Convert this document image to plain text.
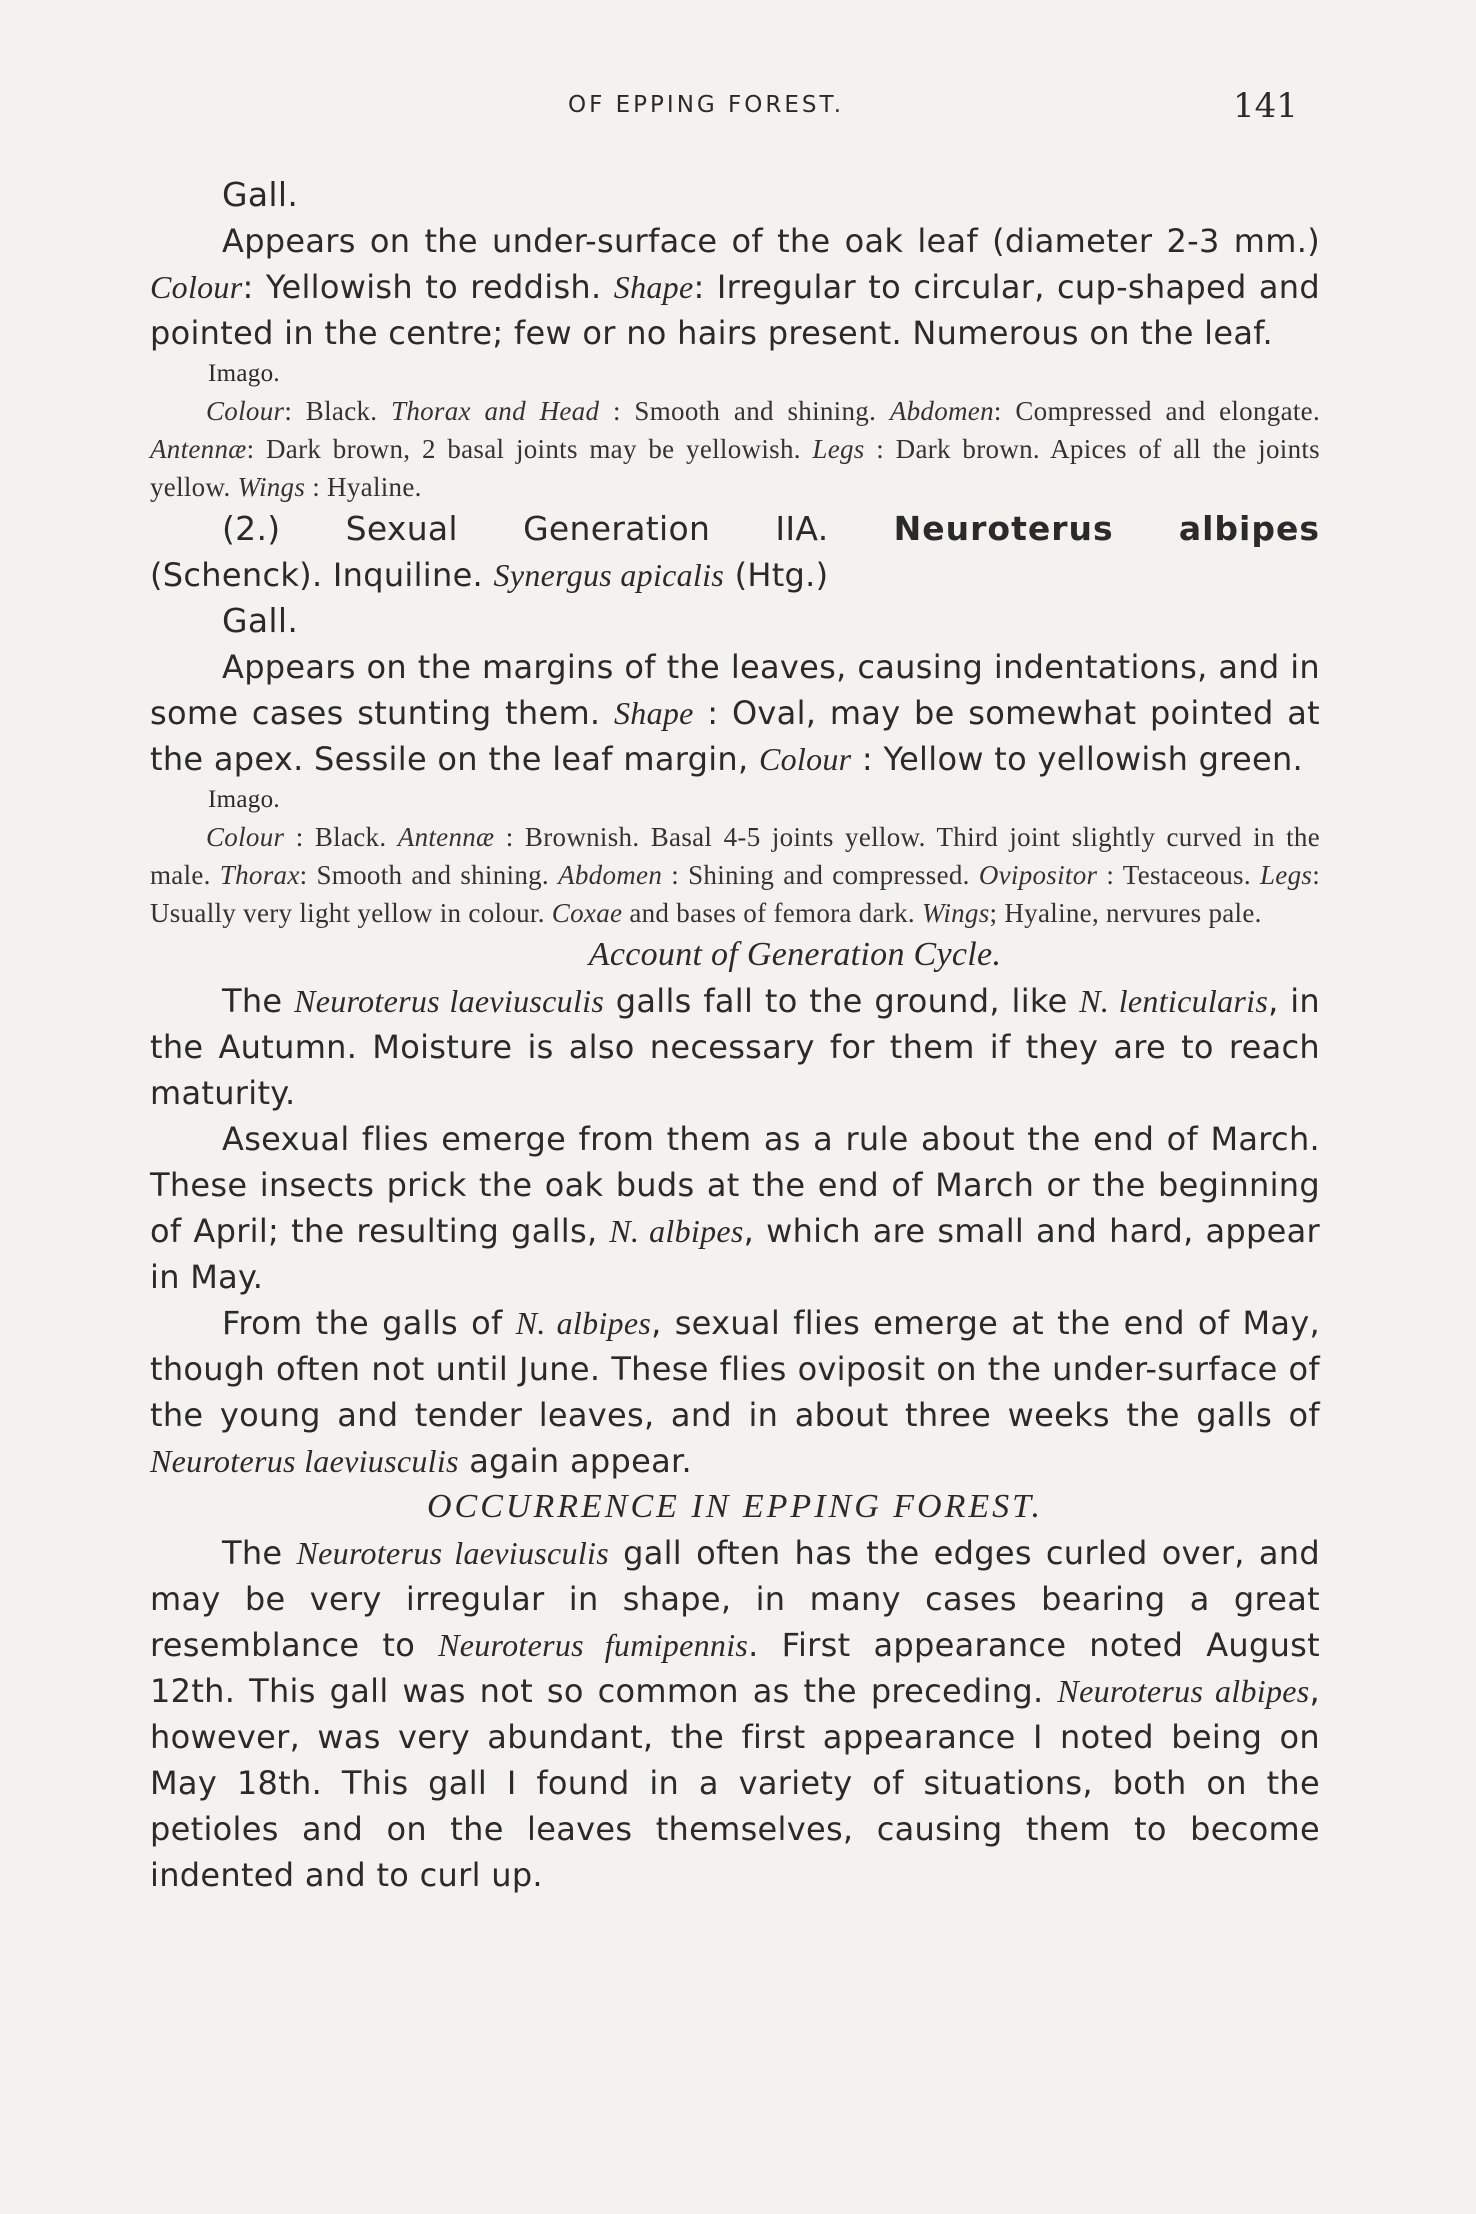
OF EPPING FOREST.	141

Gall.

Appears on the under-surface of the oak leaf (diameter 2-3 mm.) Colour: Yellowish to reddish. Shape: Irregular to circular, cup-shaped and pointed in the centre; few or no hairs present. Numerous on the leaf.

Imago.

Colour: Black. Thorax and Head : Smooth and shining. Abdomen: Compressed and elongate. Antennæ: Dark brown, 2 basal joints may be yellowish. Legs : Dark brown. Apices of all the joints yellow. Wings : Hyaline.

(2.) Sexual Generation IIA. Neuroterus albipes

(Schenck). Inquiline. Synergus apicalis (Htg.)

Gall.

Appears on the margins of the leaves, causing indentations, and in some cases stunting them. Shape : Oval, may be somewhat pointed at the apex. Sessile on the leaf margin, Colour : Yellow to yellowish green.

Imago.

Colour : Black. Antennæ : Brownish. Basal 4-5 joints yellow. Third joint slightly curved in the male. Thorax: Smooth and shining. Abdomen : Shining and compressed. Ovipositor : Testaceous. Legs: Usually very light yellow in colour. Coxae and bases of femora dark. Wings; Hyaline, nervures pale.

Account of Generation Cycle.

The Neuroterus laeviusculis galls fall to the ground, like N. lenticularis, in the Autumn. Moisture is also necessary for them if they are to reach maturity.

Asexual flies emerge from them as a rule about the end of March. These insects prick the oak buds at the end of March or the beginning of April; the resulting galls, N. albipes, which are small and hard, appear in May.

From the galls of N. albipes, sexual flies emerge at the end of May, though often not until June. These flies oviposit on the under-surface of the young and tender leaves, and in about three weeks the galls of Neuroterus laeviusculis again appear.

OCCURRENCE IN EPPING FOREST.

The Neuroterus laeviusculis gall often has the edges curled over, and may be very irregular in shape, in many cases bearing a great resemblance to Neuroterus fumipennis. First appearance noted August 12th. This gall was not so common as the preceding. Neuroterus albipes, however, was very abundant, the first appearance I noted being on May 18th. This gall I found in a variety of situations, both on the petioles and on the leaves themselves, causing them to become indented and to curl up.
